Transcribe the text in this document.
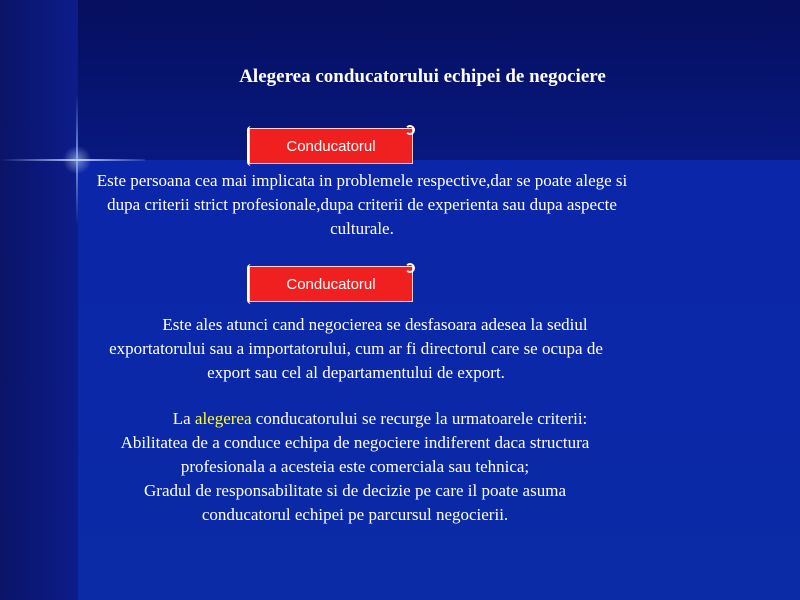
Alegerea conducatorului echipei de negociere
Conducatorul
Este persoana cea mai implicata in problemele respective,dar se poate alege si dupa criterii strict profesionale,dupa criterii de experienta sau dupa aspecte culturale.
Conducatorul
Este ales atunci cand negocierea se desfasoara adesea la sediul exportatorului sau a importatorului, cum ar fi directorul care se ocupa de export sau cel al departamentului de export.
La alegerea conducatorului se recurge la urmatoarele criterii:
Abilitatea de a conduce echipa de negociere indiferent daca structura profesionala a acesteia este comerciala sau tehnica;
Gradul de responsabilitate si de decizie pe care il poate asuma conducatorul echipei pe parcursul negocierii.
